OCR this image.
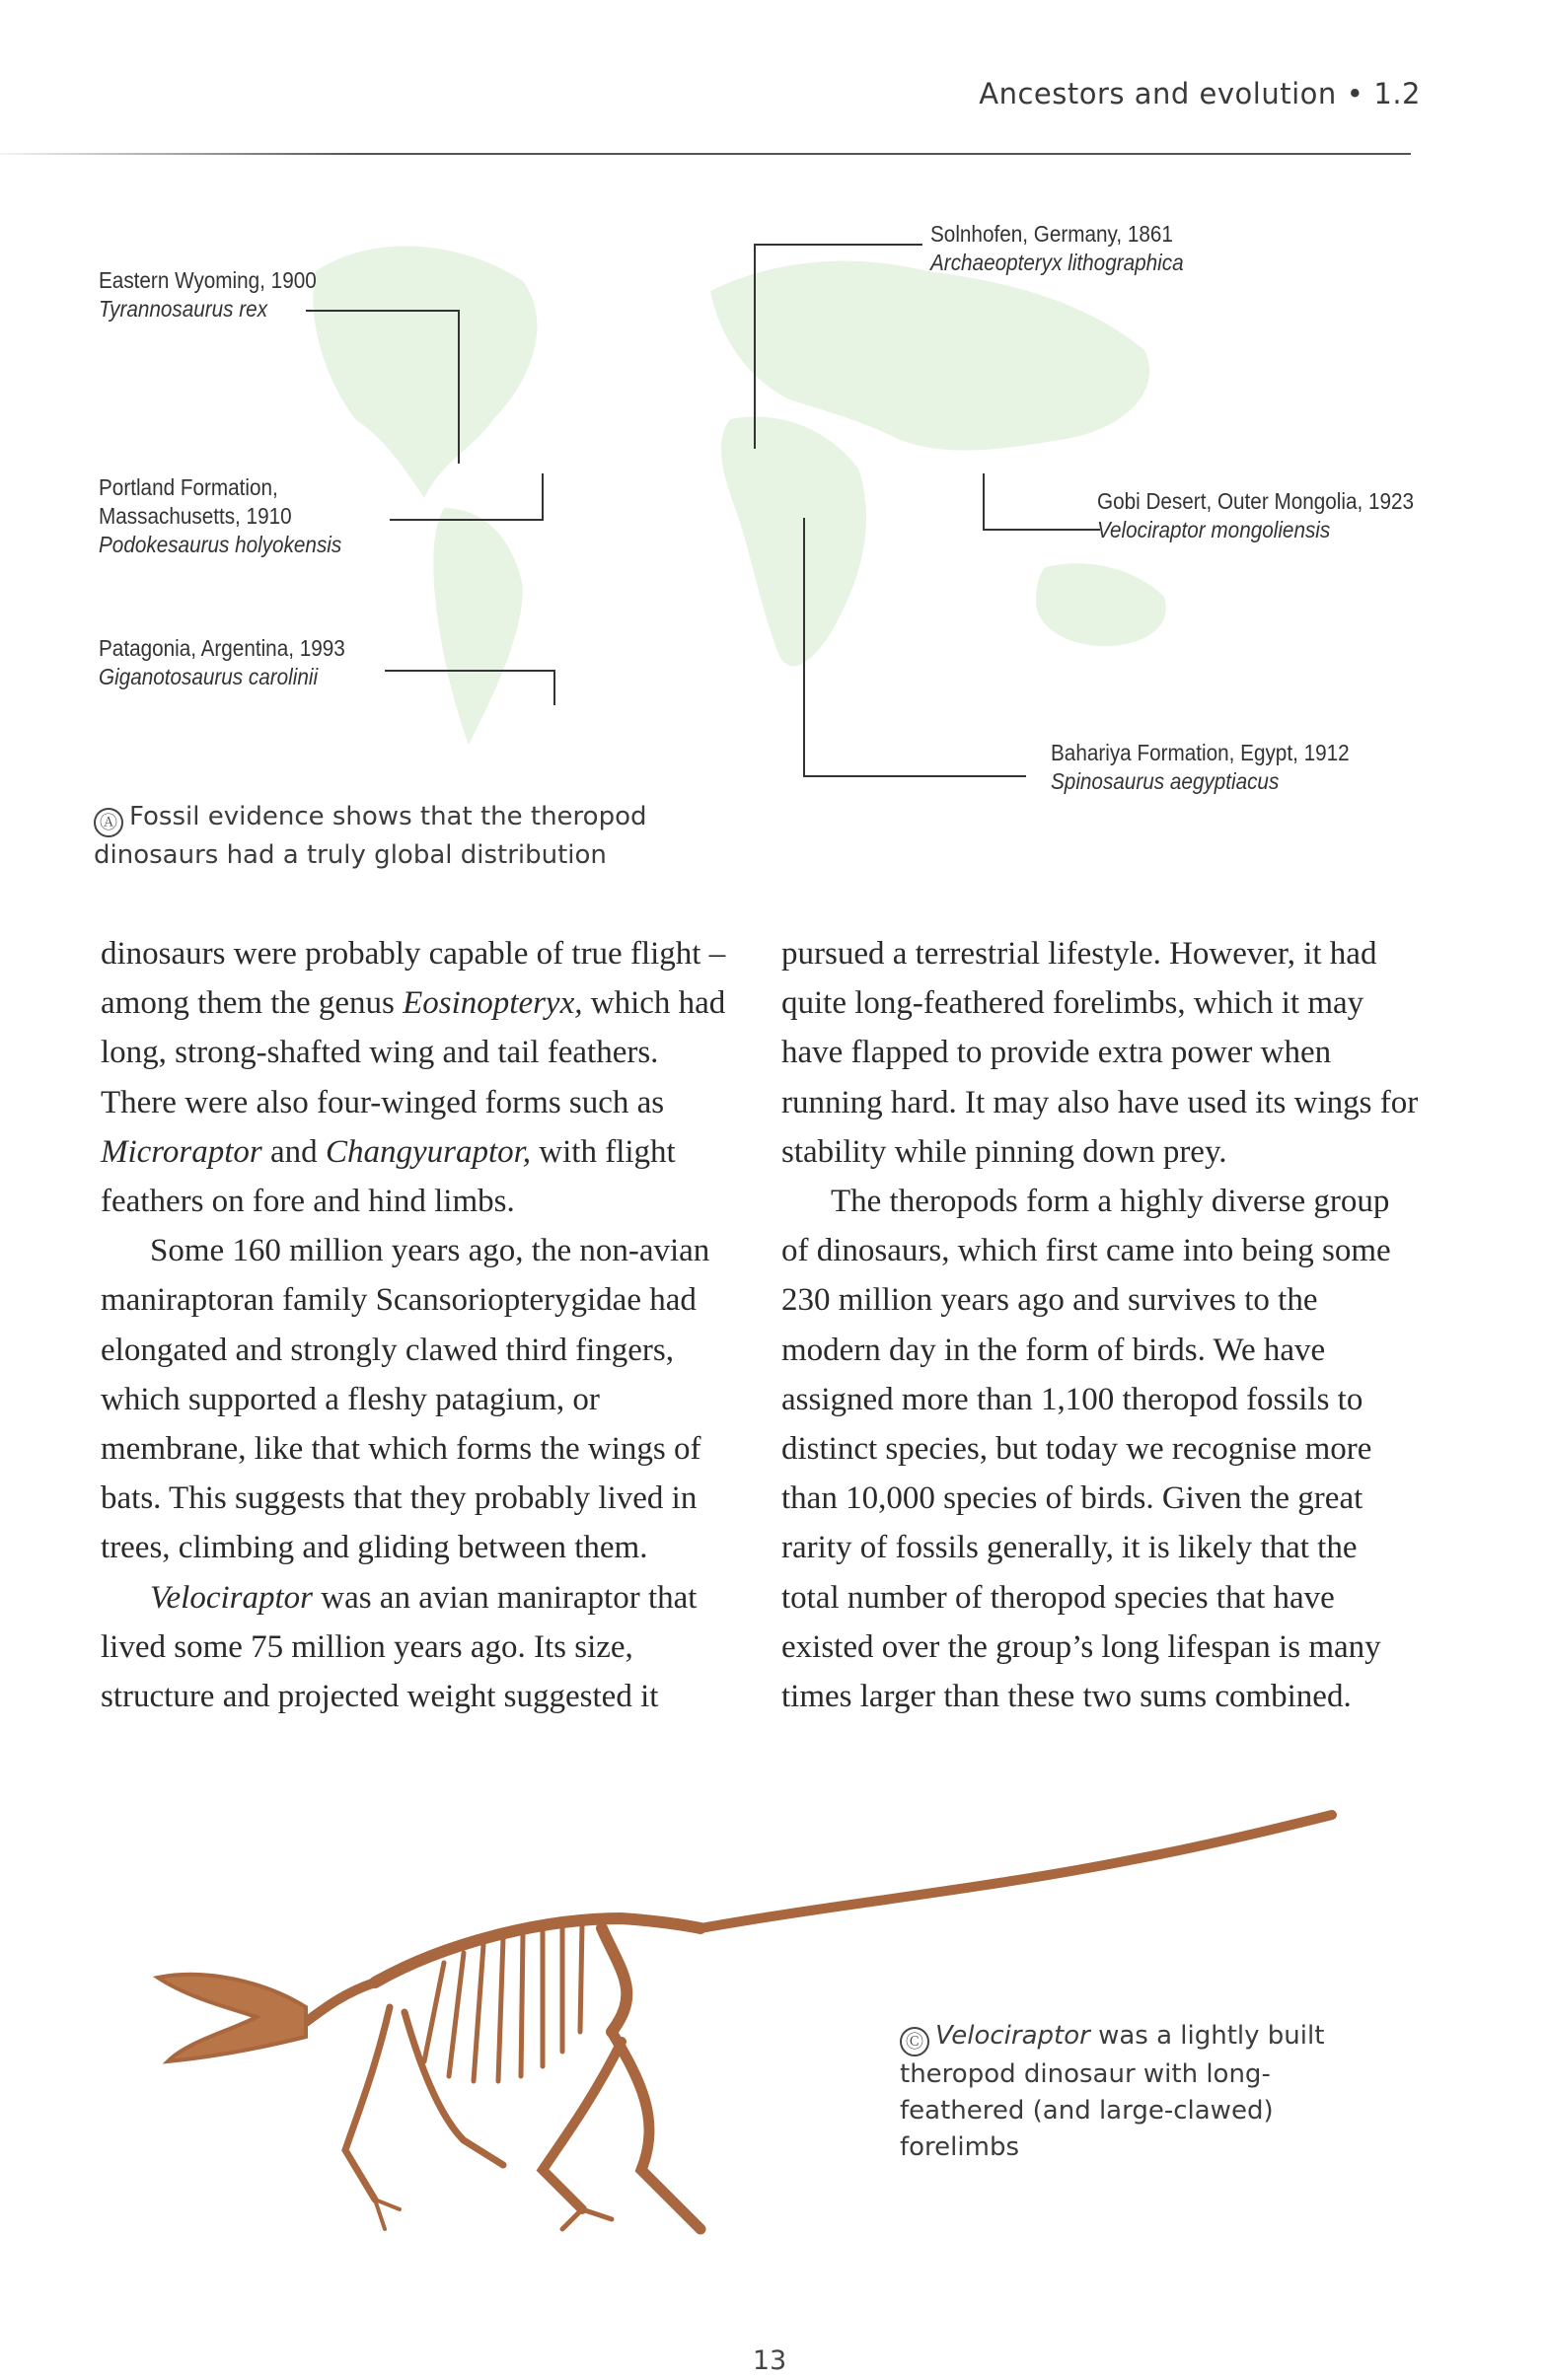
Ancestors and evolution • 1.2
Eastern Wyoming, 1900
Tyrannosaurus rex
Portland Formation,
Massachusetts, 1910
Podokesaurus holyokensis
Patagonia, Argentina, 1993
Giganotosaurus carolinii
Solnhofen, Germany, 1861
Archaeopteryx lithographica
Gobi Desert, Outer Mongolia, 1923
Velociraptor mongoliensis
Bahariya Formation, Egypt, 1912
Spinosaurus aegyptiacus
Ⓐ Fossil evidence shows that the theropod
dinosaurs had a truly global distribution

dinosaurs were probably capable of true flight – among them the genus Eosinopteryx, which had long, strong-shafted wing and tail feathers. There were also four-winged forms such as Microraptor and Changyuraptor, with flight feathers on fore and hind limbs.

Some 160 million years ago, the non-avian maniraptoran family Scansoriopterygidae had elongated and strongly clawed third fingers, which supported a fleshy patagium, or membrane, like that which forms the wings of bats. This suggests that they probably lived in trees, climbing and gliding between them.

Velociraptor was an avian maniraptor that lived some 75 million years ago. Its size, structure and projected weight suggested it

pursued a terrestrial lifestyle. However, it had quite long-feathered forelimbs, which it may have flapped to provide extra power when running hard. It may also have used its wings for stability while pinning down prey.

The theropods form a highly diverse group of dinosaurs, which first came into being some 230 million years ago and survives to the modern day in the form of birds. We have assigned more than 1,100 theropod fossils to distinct species, but today we recognise more than 10,000 species of birds. Given the great rarity of fossils generally, it is likely that the total number of theropod species that have existed over the group’s long lifespan is many times larger than these two sums combined.

Ⓒ Velociraptor was a lightly built
theropod dinosaur with long-
feathered (and large-clawed)
forelimbs
13
